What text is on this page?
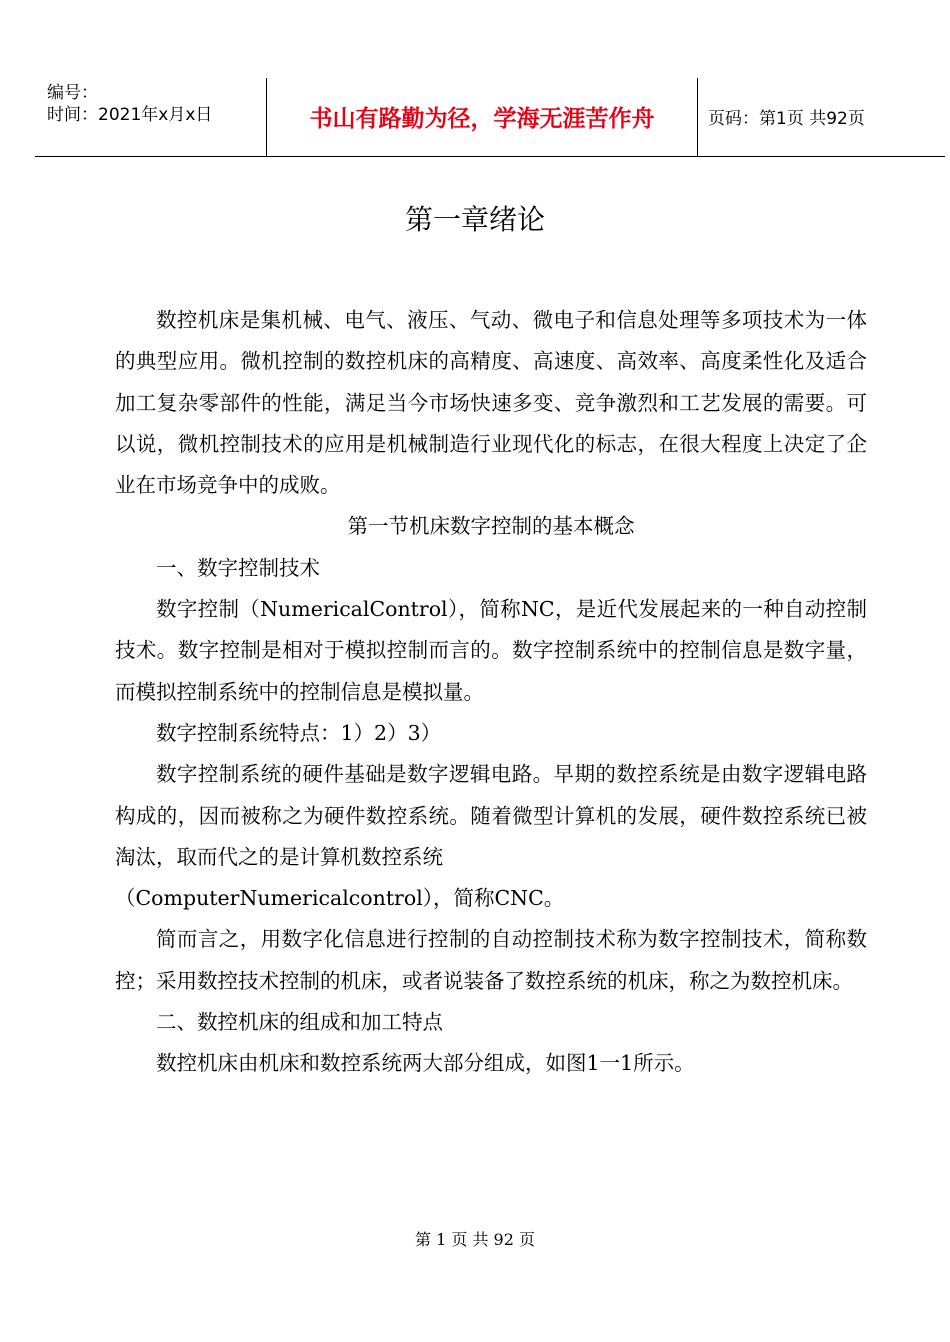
编号：
时间：2021年x月x日	书山有路勤为径，学海无涯苦作舟	页码：第1页 共92页
第一章绪论

数控机床是集机械、电气、液压、气动、微电子和信息处理等多项技术为一体的典型应用。微机控制的数控机床的高精度、高速度、高效率、高度柔性化及适合加工复杂零部件的性能，满足当今市场快速多变、竞争激烈和工艺发展的需要。可以说，微机控制技术的应用是机械制造行业现代化的标志，在很大程度上决定了企业在市场竞争中的成败。

第一节机床数字控制的基本概念

一、数字控制技术

数字控制（NumericalControl），简称NC，是近代发展起来的一种自动控制技术。数字控制是相对于模拟控制而言的。数字控制系统中的控制信息是数字量，而模拟控制系统中的控制信息是模拟量。

数字控制系统特点：1）2）3）

数字控制系统的硬件基础是数字逻辑电路。早期的数控系统是由数字逻辑电路构成的，因而被称之为硬件数控系统。随着微型计算机的发展，硬件数控系统已被淘汰，取而代之的是计算机数控系统

（ComputerNumericalcontrol），简称CNC。

简而言之，用数字化信息进行控制的自动控制技术称为数字控制技术，简称数控；采用数控技术控制的机床，或者说装备了数控系统的机床，称之为数控机床。

二、数控机床的组成和加工特点

数控机床由机床和数控系统两大部分组成，如图1一1所示。

第 1 页 共 92 页
